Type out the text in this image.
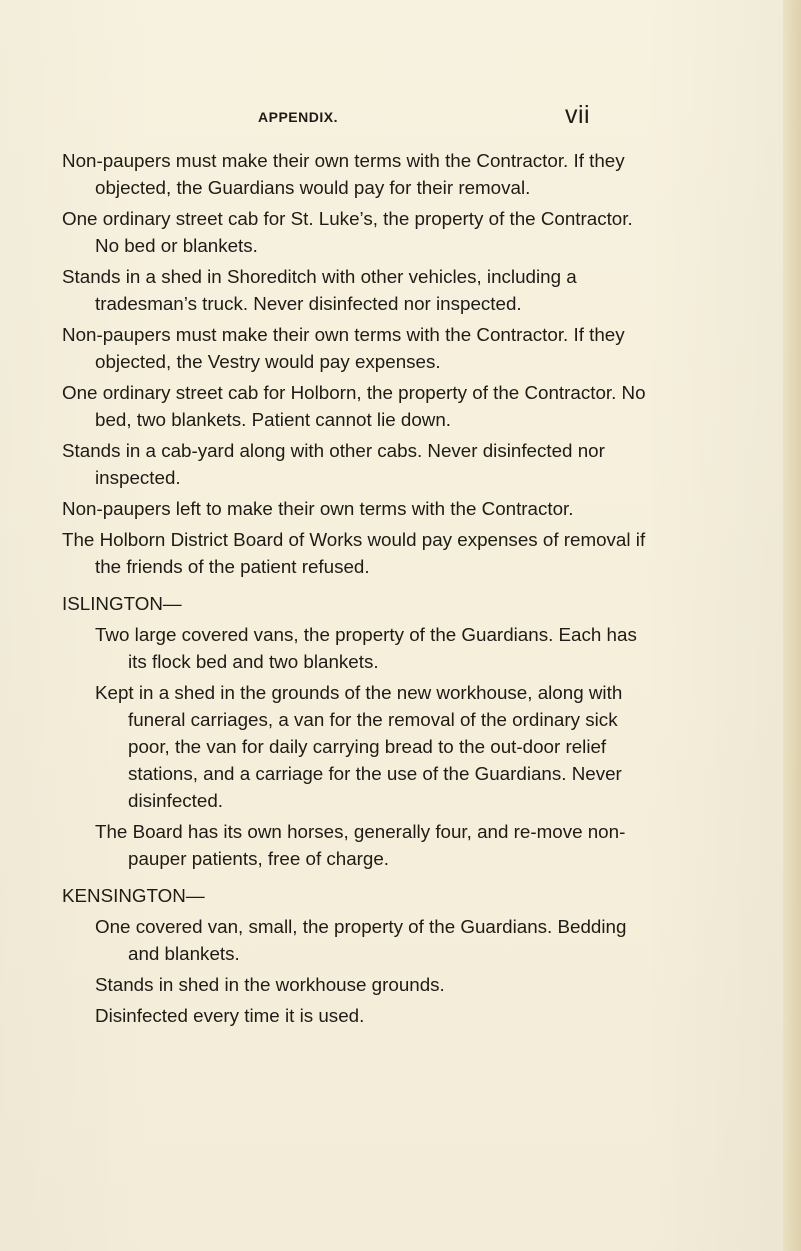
APPENDIX.	vii
Non-paupers must make their own terms with the Contractor. If they objected, the Guardians would pay for their removal.
One ordinary street cab for St. Luke’s, the property of the Contractor. No bed or blankets.
Stands in a shed in Shoreditch with other vehicles, including a tradesman’s truck. Never disinfected nor inspected.
Non-paupers must make their own terms with the Contractor. If they objected, the Vestry would pay expenses.
One ordinary street cab for Holborn, the property of the Contractor. No bed, two blankets. Patient cannot lie down.
Stands in a cab-yard along with other cabs. Never disinfected nor inspected.
Non-paupers left to make their own terms with the Contractor.
The Holborn District Board of Works would pay expenses of removal if the friends of the patient refused.
ISLINGTON—
Two large covered vans, the property of the Guardians. Each has its flock bed and two blankets.
Kept in a shed in the grounds of the new workhouse, along with funeral carriages, a van for the removal of the ordinary sick poor, the van for daily carrying bread to the out-door relief stations, and a carriage for the use of the Guardians. Never disinfected.
The Board has its own horses, generally four, and re-move non-pauper patients, free of charge.
KENSINGTON—
One covered van, small, the property of the Guardians. Bedding and blankets.
Stands in shed in the workhouse grounds.
Disinfected every time it is used.
